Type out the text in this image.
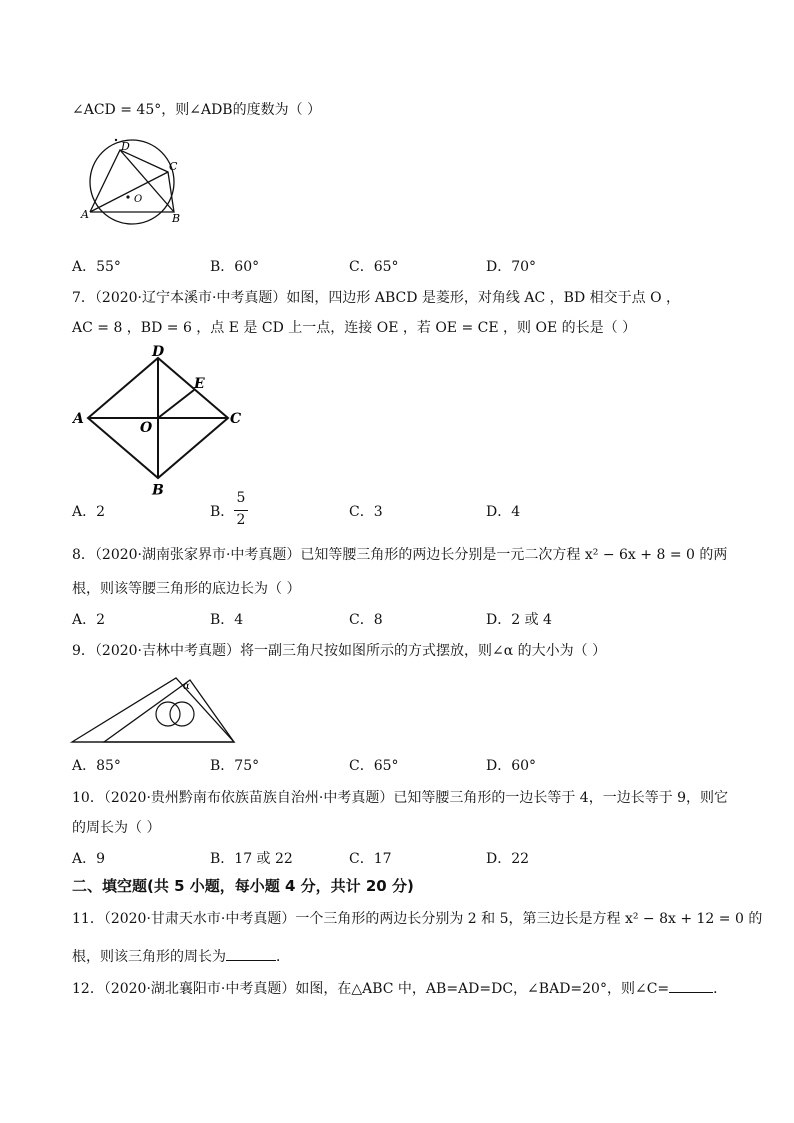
∠ACD = 45°，则∠ADB的度数为（ ）
A	B
C
D
O
A．55°	B．60°	C．65°	D．70°
7．（2020·辽宁本溪市·中考真题）如图，四边形 ABCD 是菱形，对角线 AC ，BD 相交于点 O ，
AC = 8 ，BD = 6 ，点 E 是 CD 上一点，连接 OE ，若 OE = CE ，则 OE 的长是（ ）
A
B
C
D
E
O
A．2	B．
5
2	C．3	D．4
8．（2020·湖南张家界市·中考真题）已知等腰三角形的两边长分别是一元二次方程 x² − 6x + 8 = 0 的两
根，则该等腰三角形的底边长为（ ）
A．2	B．4	C．8	D．2 或 4
9．（2020·吉林中考真题）将一副三角尺按如图所示的方式摆放，则∠α 的大小为（ ）
α
A．85°	B．75°	C．65°	D．60°
10．（2020·贵州黔南布依族苗族自治州·中考真题）已知等腰三角形的一边长等于 4，一边长等于 9，则它
的周长为（ ）
A．9	B．17 或 22	C．17	D．22
二、填空题(共 5 小题，每小题 4 分，共计 20 分)
11．（2020·甘肃天水市·中考真题）一个三角形的两边长分别为 2 和 5，第三边长是方程 x² − 8x + 12 = 0 的
根，则该三角形的周长为	．
12．（2020·湖北襄阳市·中考真题）如图，在△ABC 中，AB=AD=DC，∠BAD=20°，则∠C=	．
